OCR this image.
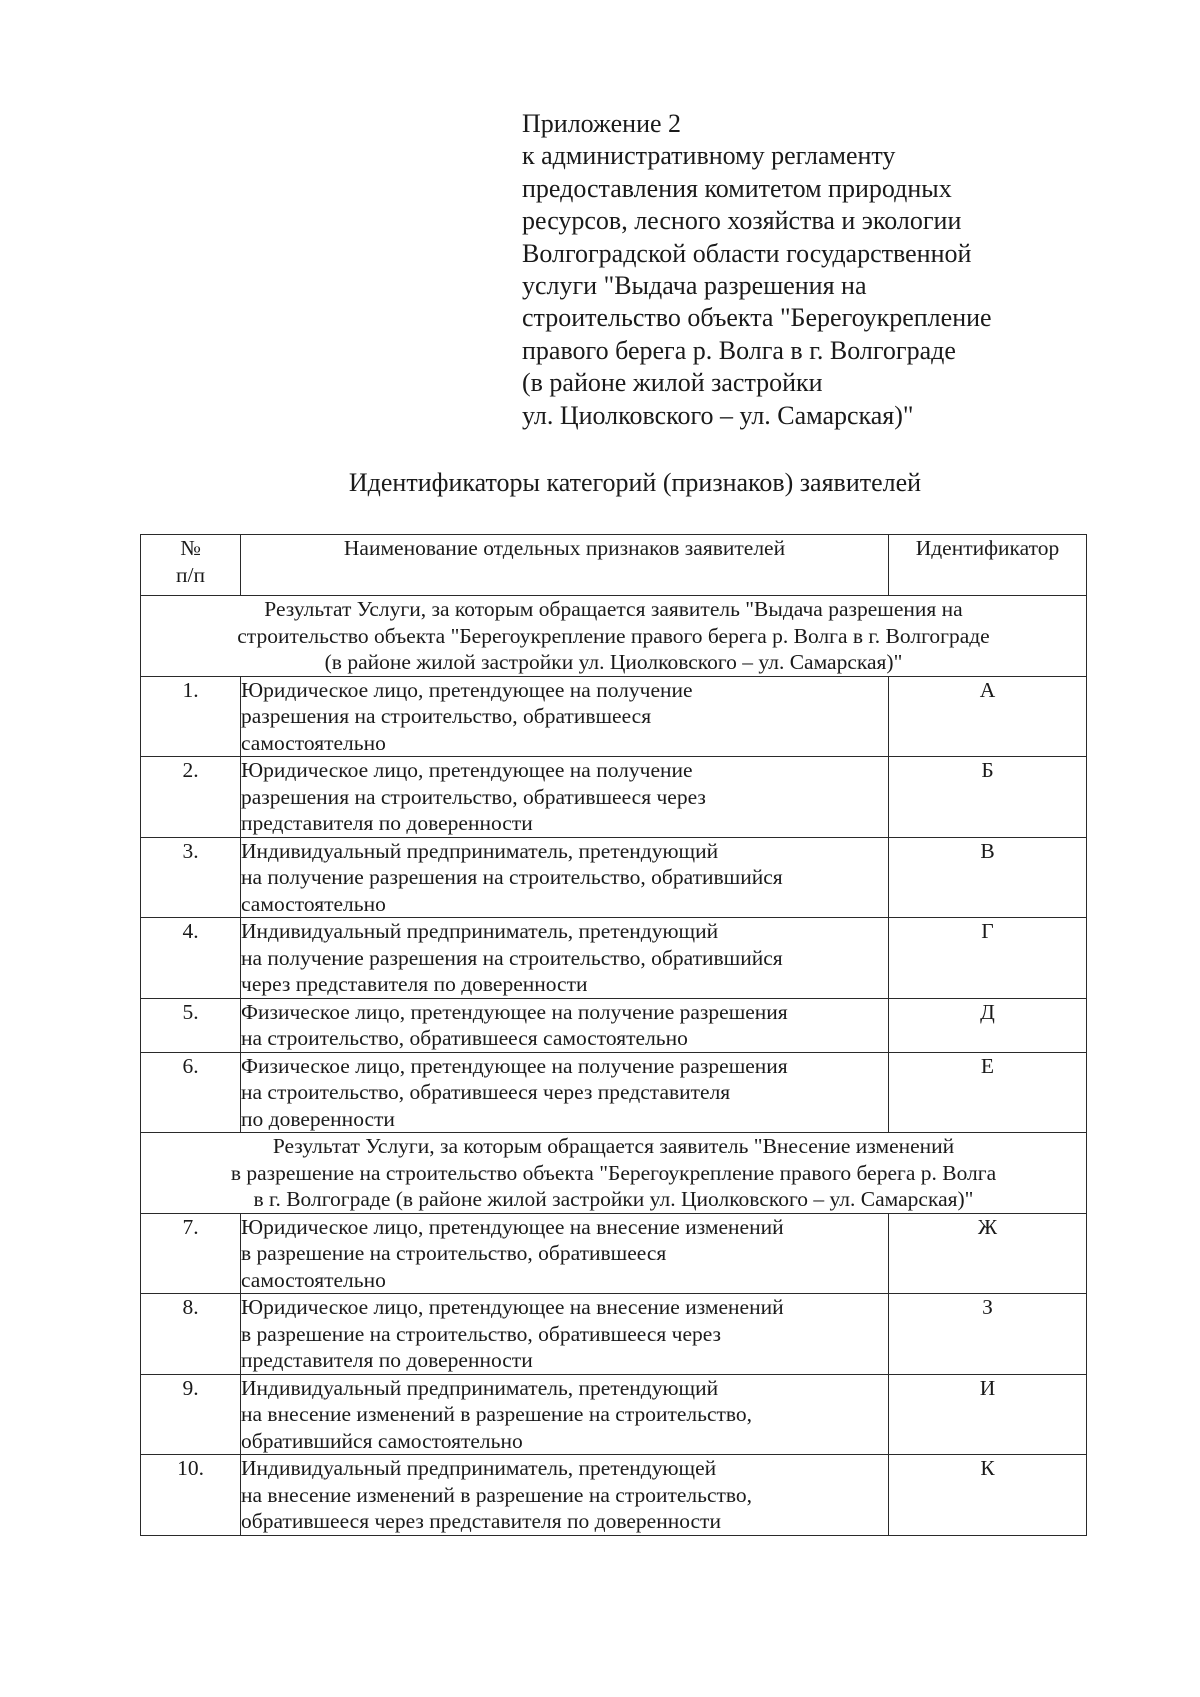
Приложение 2
к административному регламенту
предоставления комитетом природных
ресурсов, лесного хозяйства и экологии
Волгоградской области государственной
услуги "Выдача разрешения на
строительство объекта "Берегоукрепление
правого берега р. Волга в г. Волгограде
(в районе жилой застройки
ул. Циолковского – ул. Самарская)"
Идентификаторы категорий (признаков) заявителей
№
п/п	Наименование отдельных признаков заявителей	Идентификатор

Результат Услуги, за которым обращается заявитель "Выдача разрешения на
строительство объекта "Берегоукрепление правого берега р. Волга в г. Волгограде
(в районе жилой застройки ул. Циолковского – ул. Самарская)"		

1.	Юридическое лицо, претендующее на получение
разрешения на строительство, обратившееся
самостоятельно	А
2.	Юридическое лицо, претендующее на получение
разрешения на строительство, обратившееся через
представителя по доверенности	Б
3.	Индивидуальный предприниматель, претендующий
на получение разрешения на строительство, обратившийся
самостоятельно	В
4.	Индивидуальный предприниматель, претендующий
на получение разрешения на строительство, обратившийся
через представителя по доверенности	Г
5.	Физическое лицо, претендующее на получение разрешения
на строительство, обратившееся самостоятельно	Д
6.	Физическое лицо, претендующее на получение разрешения
на строительство, обратившееся через представителя
по доверенности	Е

Результат Услуги, за которым обращается заявитель "Внесение изменений
в разрешение на строительство объекта "Берегоукрепление правого берега р. Волга
в г. Волгограде (в районе жилой застройки ул. Циолковского – ул. Самарская)"		

7.	Юридическое лицо, претендующее на внесение изменений
в разрешение на строительство, обратившееся
самостоятельно	Ж
8.	Юридическое лицо, претендующее на внесение изменений
в разрешение на строительство, обратившееся через
представителя по доверенности	З
9.	Индивидуальный предприниматель, претендующий
на внесение изменений в разрешение на строительство,
обратившийся самостоятельно	И
10.	Индивидуальный предприниматель, претендующей
на внесение изменений в разрешение на строительство,
обратившееся через представителя по доверенности	К
